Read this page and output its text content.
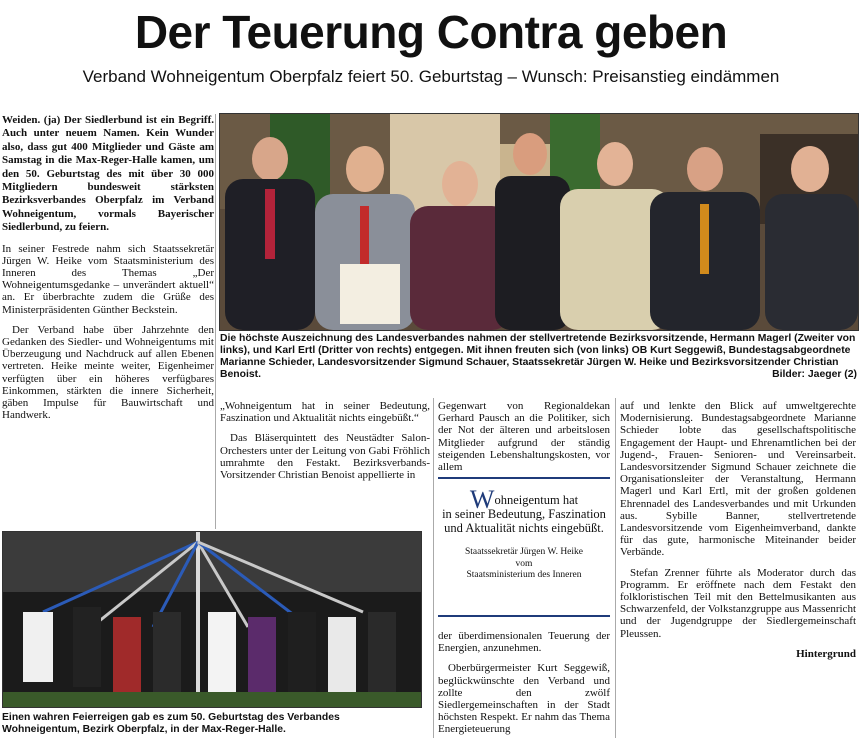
Der Teuerung Contra geben
Verband Wohneigentum Oberpfalz feiert 50. Geburtstag – Wunsch: Preisanstieg eindämmen

Weiden. (ja) Der Siedlerbund ist ein Begriff. Auch unter neuem Namen. Kein Wunder also, dass gut 400 Mitglieder und Gäste am Samstag in die Max-Reger-Halle kamen, um den 50. Geburtstag des mit über 30 000 Mitgliedern bundesweit stärksten Bezirksverbandes Oberpfalz im Verband Wohneigentum, vormals Bayerischer Siedlerbund, zu feiern.

In seiner Festrede nahm sich Staatssekretär Jürgen W. Heike vom Staatsministerium des Inneren des Themas „Der Wohneigentumsgedanke – unverändert aktuell“ an. Er überbrachte zudem die Grüße des Ministerpräsidenten Günther Beckstein.

Der Verband habe über Jahrzehnte den Gedanken des Siedler- und Wohneigentums mit Überzeugung und Nachdruck auf allen Ebenen vertreten. Heike meinte weiter, Eigenheimer verfügten über ein höheres verfügbares Einkommen, stärkten die innere Sicherheit, gäben Impulse für Bauwirtschaft und Handwerk.

Die höchste Auszeichnung des Landesverbandes nahmen der stellvertretende Bezirksvorsitzende, Hermann Magerl (Zweiter von links), und Karl Ertl (Dritter von rechts) entgegen. Mit ihnen freuten sich (von links) OB Kurt Seggewiß, Bundestagsabgeordnete Marianne Schieder, Landesvorsitzender Sigmund Schauer, Staatssekretär Jürgen W. Heike und Bezirksvorsitzender Christian Benoist.	Bilder: Jaeger (2)

„Wohneigentum hat in seiner Bedeutung, Faszination und Aktualität nichts eingebüßt.“

Das Bläserquintett des Neustädter Salon-Orchesters unter der Leitung von Gabi Fröhlich umrahmte den Festakt. Bezirksverbands-Vorsitzender Christian Benoist appellierte in

Gegenwart von Regionaldekan Gerhard Pausch an die Politiker, sich der Not der älteren und arbeitslosen Mitglieder aufgrund der ständig steigenden Lebenshaltungskosten, vor allem

Wohneigentum hat
in seiner Bedeutung, Faszination und Aktualität nichts eingebüßt.
Staatssekretär Jürgen W. Heike
vom
Staatsministerium des Inneren

der überdimensionalen Teuerung der Energien, anzunehmen.

Oberbürgermeister Kurt Seggewiß, beglückwünschte den Verband und zollte den zwölf Siedlergemeinschaften in der Stadt höchsten Respekt. Er nahm das Thema Energieteuerung

auf und lenkte den Blick auf umweltgerechte Modernisierung. Bundestagsabgeordnete Marianne Schieder lobte das gesellschaftspolitische Engagement der Haupt- und Ehrenamtlichen bei der Jugend-, Frauen- Senioren- und Vereinsarbeit. Landesvorsitzender Sigmund Schauer zeichnete die Organisationsleiter der Veranstaltung, Hermann Magerl und Karl Ertl, mit der großen goldenen Ehrennadel des Landesverbandes und mit Urkunden aus. Sybille Banner, stellvertretende Landesvorsitzende vom Eigenheimverband, dankte für das gute, harmonische Miteinander beider Verbände.

Stefan Zrenner führte als Moderator durch das Programm. Er eröffnete nach dem Festakt den folkloristischen Teil mit den Bettelmusikanten aus Schwarzenfeld, der Volkstanzgruppe aus Massenricht und der Jugendgruppe der Siedlergemeinschaft Pleussen.

Hintergrund
Einen wahren Feierreigen gab es zum 50. Geburtstag des Verbandes Wohneigentum, Bezirk Oberpfalz, in der Max-Reger-Halle.
